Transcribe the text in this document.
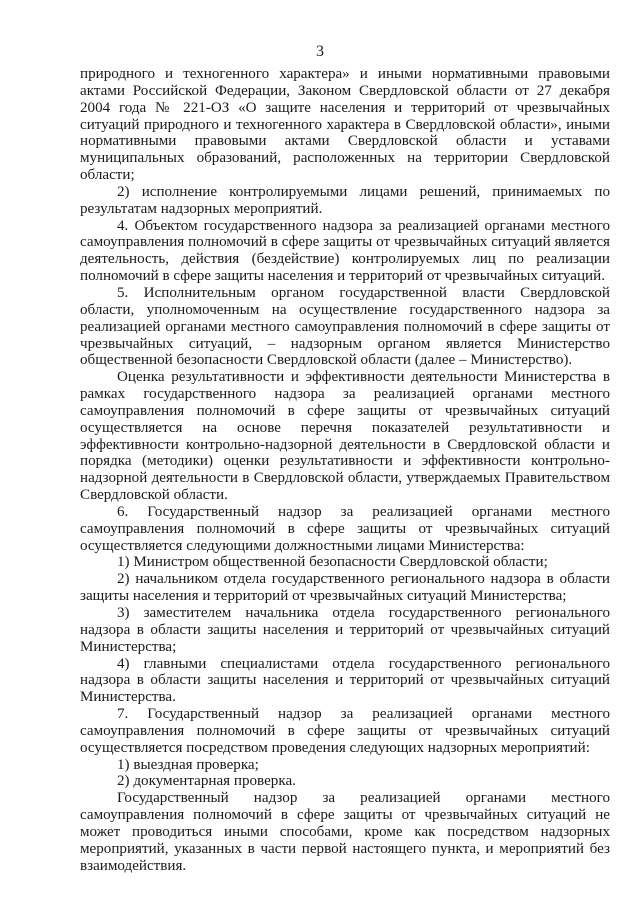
3

природного и техногенного характера» и иными нормативными правовыми актами Российской Федерации, Законом Свердловской области от 27 декабря 2004 года № 221-ОЗ «О защите населения и территорий от чрезвычайных ситуаций природного и техногенного характера в Свердловской области», иными нормативными правовыми актами Свердловской области и уставами муниципальных образований, расположенных на территории Свердловской области;

2) исполнение контролируемыми лицами решений, принимаемых по результатам надзорных мероприятий.

4. Объектом государственного надзора за реализацией органами местного самоуправления полномочий в сфере защиты от чрезвычайных ситуаций является деятельность, действия (бездействие) контролируемых лиц по реализации полномочий в сфере защиты населения и территорий от чрезвычайных ситуаций.

5. Исполнительным органом государственной власти Свердловской области, уполномоченным на осуществление государственного надзора за реализацией органами местного самоуправления полномочий в сфере защиты от чрезвычайных ситуаций, – надзорным органом является Министерство общественной безопасности Свердловской области (далее – Министерство).

Оценка результативности и эффективности деятельности Министерства в рамках государственного надзора за реализацией органами местного самоуправления полномочий в сфере защиты от чрезвычайных ситуаций осуществляется на основе перечня показателей результативности и эффективности контрольно-надзорной деятельности в Свердловской области и порядка (методики) оценки результативности и эффективности контрольно-надзорной деятельности в Свердловской области, утверждаемых Правительством Свердловской области.

6. Государственный надзор за реализацией органами местного самоуправления полномочий в сфере защиты от чрезвычайных ситуаций осуществляется следующими должностными лицами Министерства:

1) Министром общественной безопасности Свердловской области;

2) начальником отдела государственного регионального надзора в области защиты населения и территорий от чрезвычайных ситуаций Министерства;

3) заместителем начальника отдела государственного регионального надзора в области защиты населения и территорий от чрезвычайных ситуаций Министерства;

4) главными специалистами отдела государственного регионального надзора в области защиты населения и территорий от чрезвычайных ситуаций Министерства.

7. Государственный надзор за реализацией органами местного самоуправления полномочий в сфере защиты от чрезвычайных ситуаций осуществляется посредством проведения следующих надзорных мероприятий:

1) выездная проверка;

2) документарная проверка.

Государственный надзор за реализацией органами местного самоуправления полномочий в сфере защиты от чрезвычайных ситуаций не может проводиться иными способами, кроме как посредством надзорных мероприятий, указанных в части первой настоящего пункта, и мероприятий без взаимодействия.
